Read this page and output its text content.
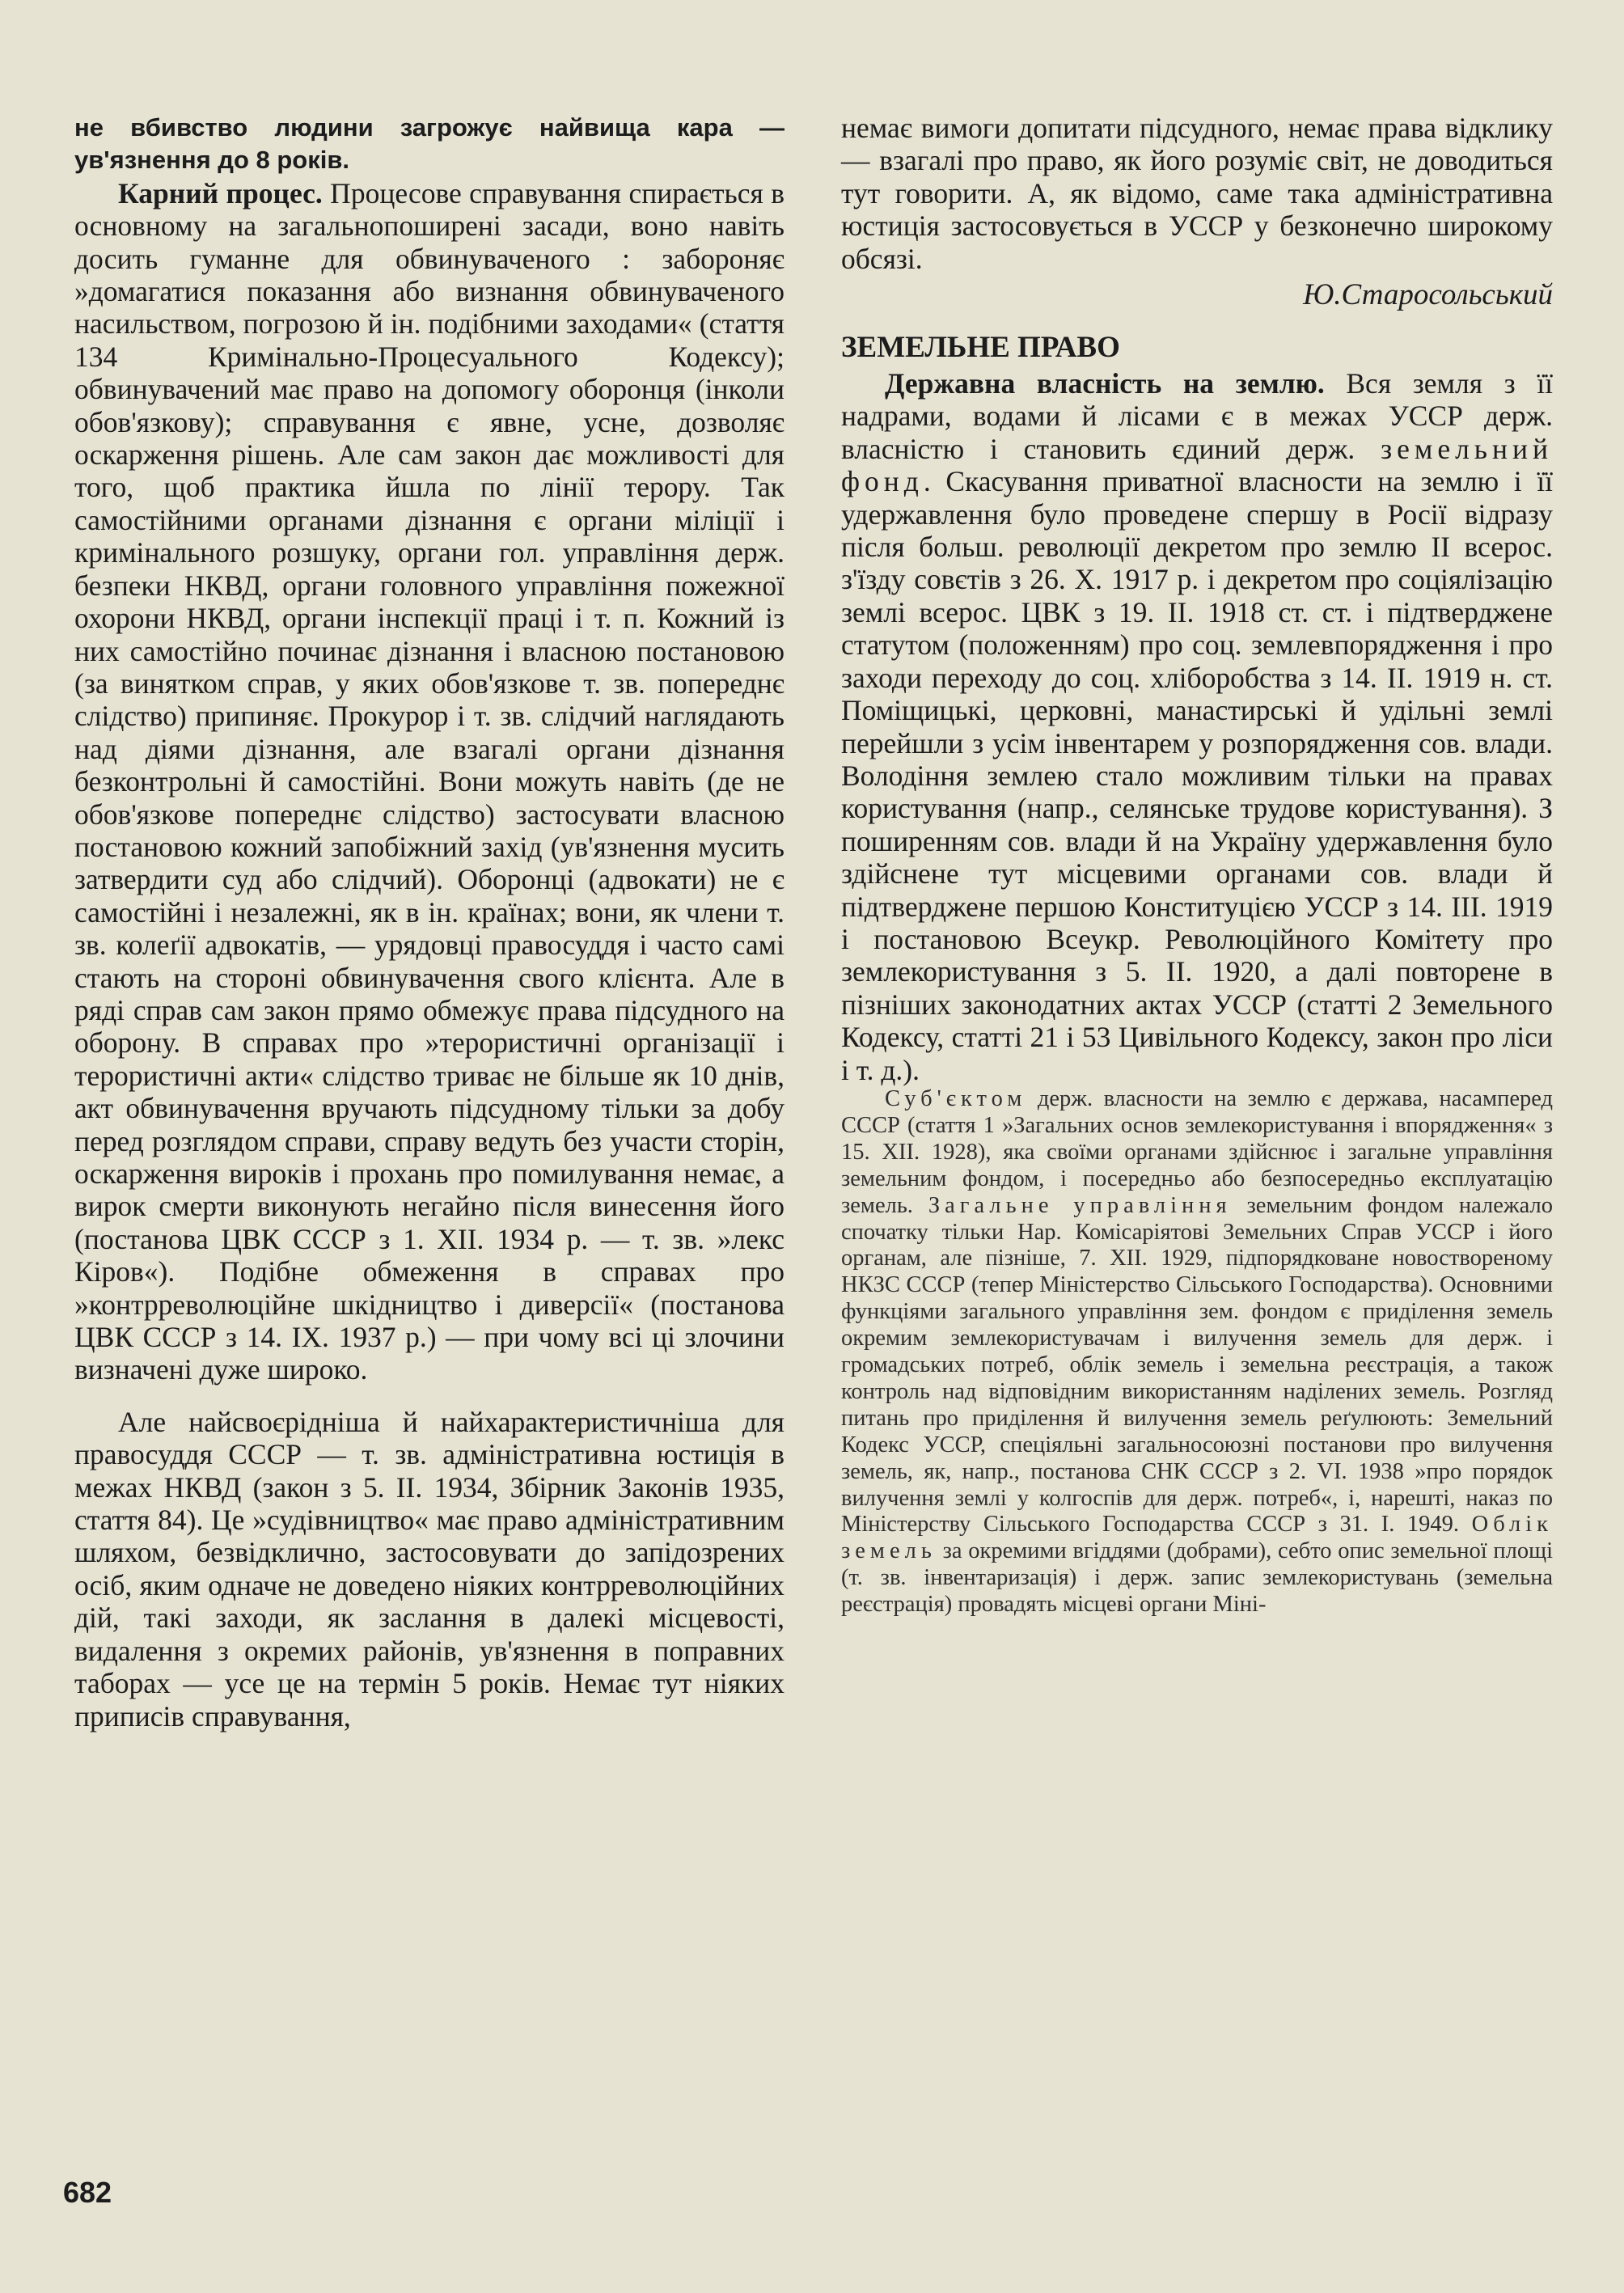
не вбивство людини загрожує найвища кара — ув'язнення до 8 років.

Карний процес. Процесове справування спирається в основному на загальнопоширені засади, воно навіть досить гуманне для обвинуваченого : забороняє »домагатися показання або визнання обвинуваченого насильством, погрозою й ін. подібними заходами« (стаття 134 Кримінально-Процесуального Кодексу); обвинувачений має право на допомогу оборонця (інколи обов'язкову); справування є явне, усне, дозволяє оскарження рішень. Але сам закон дає можливості для того, щоб практика йшла по лінії терору. Так самостійними органами дізнання є органи міліції і кримінального розшуку, органи гол. управління держ. безпеки НКВД, органи головного управління пожежної охорони НКВД, органи інспекції праці і т. п. Кожний із них самостійно починає дізнання і власною постановою (за винятком справ, у яких обов'язкове т. зв. попереднє слідство) припиняє. Прокурор і т. зв. слідчий наглядають над діями дізнання, але взагалі органи дізнання безконтрольні й самостійні. Вони можуть навіть (де не обов'язкове попереднє слідство) застосувати власною постановою кожний запобіжний захід (ув'язнення мусить затвердити суд або слідчий). Оборонці (адвокати) не є самостійні і незалежні, як в ін. країнах; вони, як члени т. зв. колеґії адвокатів, — урядовці правосуддя і часто самі стають на стороні обвинувачення свого клієнта. Але в ряді справ сам закон прямо обмежує права підсудного на оборону. В справах про »терористичні організації і терористичні акти« слідство триває не більше як 10 днів, акт обвинувачення вручають підсудному тільки за добу перед розглядом справи, справу ведуть без участи сторін, оскарження вироків і прохань про помилування немає, а вирок смерти виконують негайно після винесення його (постанова ЦВК СССР з 1. XII. 1934 р. — т. зв. »лекс Кіров«). Подібне обмеження в справах про »контрреволюційне шкідництво і диверсії« (постанова ЦВК СССР з 14. IX. 1937 р.) — при чому всі ці злочини визначені дуже широко.

Але найсвоєрідніша й найхарактеристичніша для правосуддя СССР — т. зв. адміністративна юстиція в межах НКВД (закон з 5. II. 1934, Збірник Законів 1935, стаття 84). Це »судівництво« має право адміністративним шляхом, безвідклично, застосовувати до запідозрених осіб, яким одначе не доведено ніяких контрреволюційних дій, такі заходи, як заслання в далекі місцевості, видалення з окремих районів, ув'язнення в поправних таборах — усе це на термін 5 років. Немає тут ніяких приписів справування,

немає вимоги допитати підсудного, немає права відклику — взагалі про право, як його розуміє світ, не доводиться тут говорити. А, як відомо, саме така адміністративна юстиція застосовується в УССР у безконечно широкому обсязі.

Ю.Старосольський

ЗЕМЕЛЬНЕ ПРАВО

Державна власність на землю. Вся земля з її надрами, водами й лісами є в межах УССР держ. власністю і становить єдиний держ. земельний фонд. Скасування приватної власности на землю і її удержавлення було проведене спершу в Росії відразу після больш. революції декретом про землю II всерос. з'їзду совєтів з 26. X. 1917 р. і декретом про соціялізацію землі всерос. ЦВК з 19. II. 1918 ст. ст. і підтверджене статутом (положенням) про соц. землевпорядження і про заходи переходу до соц. хліборобства з 14. II. 1919 н. ст. Поміщицькі, церковні, манастирські й удільні землі перейшли з усім інвентарем у розпорядження сов. влади. Володіння землею стало можливим тільки на правах користування (напр., селянське трудове користування). З поширенням сов. влади й на Україну удержавлення було здійснене тут місцевими органами сов. влади й підтверджене першою Конституцією УССР з 14. III. 1919 і постановою Всеукр. Революційного Комітету про землекористування з 5. II. 1920, а далі повторене в пізніших законодатних актах УССР (статті 2 Земельного Кодексу, статті 21 і 53 Цивільного Кодексу, закон про ліси і т. д.).

Суб'єктом держ. власности на землю є держава, насамперед СССР (стаття 1 »Загальних основ землекористування і впорядження« з 15. XII. 1928), яка своїми органами здійснює і загальне управління земельним фондом, і посередньо або безпосередньо експлуатацію земель. Загальне управління земельним фондом належало спочатку тільки Нар. Комісаріятові Земельних Справ УССР і його органам, але пізніше, 7. XII. 1929, підпорядковане новоствореному НКЗС СССР (тепер Міністерство Сільського Господарства). Основними функціями загального управління зем. фондом є приділення земель окремим землекористувачам і вилучення земель для держ. і громадських потреб, облік земель і земельна реєстрація, а також контроль над відповідним використанням наділених земель. Розгляд питань про приділення й вилучення земель реґулюють: Земельний Кодекс УССР, спеціяльні загальносоюзні постанови про вилучення земель, як, напр., постанова СНК СССР з 2. VI. 1938 »про порядок вилучення землі у колгоспів для держ. потреб«, і, нарешті, наказ по Міністерству Сільського Господарства СССР з 31. I. 1949. Облік земель за окремими вгіддями (добрами), себто опис земельної площі (т. зв. інвентаризація) і держ. запис землекористувань (земельна реєстрація) провадять місцеві органи Міні-

682
